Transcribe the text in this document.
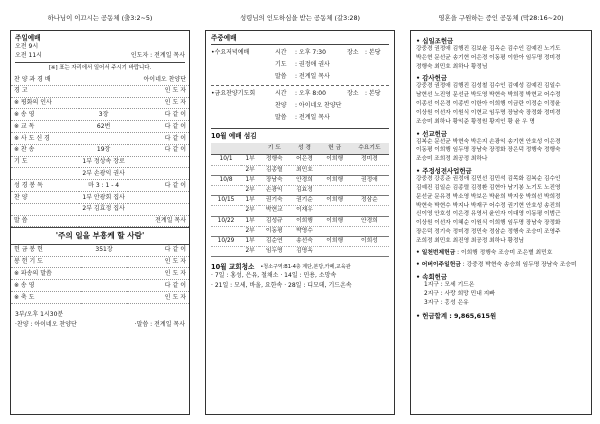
하나님이 이끄시는 공동체 (출3:2~5)	성령님의 인도하심을 받는 공동체 (갈3:28)	영혼을 구원하는 증인 공동체 (막28:16~20)
주일예배
오전 9시
오전 11시	인도자 : 전계일 목사
[※] 표는 자리에서 일어서 주시기 바랍니다.
찬 양 과 경 배		아이네오 찬양단
경 고		인 도 자
※ 평화의 인사		인 도 자
※ 송 영	3장	다 같 이
※ 교 독	62번	다 같 이
※ 사 도 신 경		다 같 이
※ 찬 송	19장	다 같 이
기 도	1부 정상속 장로	
	2부 손광익 권사	
성 경 봉 독	마 3 : 1 - 4	다 같 이
찬 양	1부 안광회 집사	
	2부 김효정 집사	
말 씀		전계일 목사
'주의 일을 부흥케 할 사람'
헌 금 봉 헌	351장	다 같 이
봉 헌 기 도		인 도 자
※ 파송의 말씀		인 도 자
※ 송 영		다 같 이
※ 축 도		인 도 자
3부/오후 1시30분
·찬양 : 아이네오 찬양단	·말씀 : 전계일 목사
주중예배
•수요저녁예배	시간	: 오후 7:30	장소	: 본당
기도	: 권정애 권사
말씀	: 전계일 목사
•금요찬양기도회	시간	: 오후 8:00	장소	: 본당
찬양	: 아이네오 찬양단
말씀	: 전계일 목사
10월 예배 섬김
		기 도	성 경	헌 금	수요기도
10/1	1부	정행숙	어은경	이희행	정미경
	2부	김종렬	최민호		
10/8	1부	장남숙	안경희	이희행	권정애
	2부	손광익	김효정		
10/15	1부	권기숙	권기순	이희행	정삼순
	2부	박현교	이재우		
10/22	1부	김성규	이희행	이희행	안경희
	2부	이동평	박영수		
10/29	1부	김순연	송선숙	이희행	이희성
	2부	임두명	김명옥		
10월 교회청소 •청소구역:B1-4층 계단,본당,카페,교육관
· 7일 : 홍성, 은유, 철채소 · 14일 : 민용, 소망속
· 21일 : 모세, 바울, 요한속 · 28일 : 디모데, 기드온속
• 십일조헌금
강중경 권정애 김행진 김보윤 김옥순 김수인 김예진 노기도
박은현 문선균 송기현 어은경 이동평 이한아 임두명 정미경
정행숙 최민호 최하나 황정님
• 감사헌금
강중경 권정애 김행진 김성철 김수인 김예성 김예진 김일수
남현선 노진영 문선균 박도영 박현숙 박희정 박현교 어수정
이종선 이은경 이종빈 이한아 이희행 이금란 이정순 이정윤
이상원 이선자 이원식 이현교 임두명 장남숙 장정화 정미경
조승미 최하나 황익준 황정원 황지인 황 윤 우 명
• 선교헌금
김복순 문선균 박현숙 박은지 손광익 송기현 안호성 이은경
이동평 이희행 임두명 장남숙 장정화 장은덕 정행숙 정행숙
조승미 조희정 최공정 최하나
• 주정성전사업헌금
강중경 강홍준 권정애 김민선 김민석 김목화 김복순 김수인
김예진 김일순 김종렬 김정환 김현아 남기봉 노기도 노진영
문선균 문유경 박소영 박보은 박윤희 박지웅 박희선 박희정
박현숙 박현수 박지나 박재구 어수정 권기현 안호성 송진희
신이영 안호성 이은경 유영서 윤인자 이대영 이동평 이범근
이상원 이선자 이혜순 이원식 이희행 임두명 장남숙 장정화
장은덕 정기숙 정미경 정민숙 정삼순 정행숙 조승미 조영주
조희정 최민호 최진영 최공정 최하나 황정님
• 일천번제헌금 : 이희행 정행숙 조승미 조은별 최민호
• 어버이주일헌금 : 강중경 박현숙 송승희 임두명 장남숙 조승미
• 속회헌금
1지구 : 모세 기드온
2지구 : 사랑 희망 민내 지빠
3지구 : 홍성 은유
• 헌금합계 : 9,865,615원
